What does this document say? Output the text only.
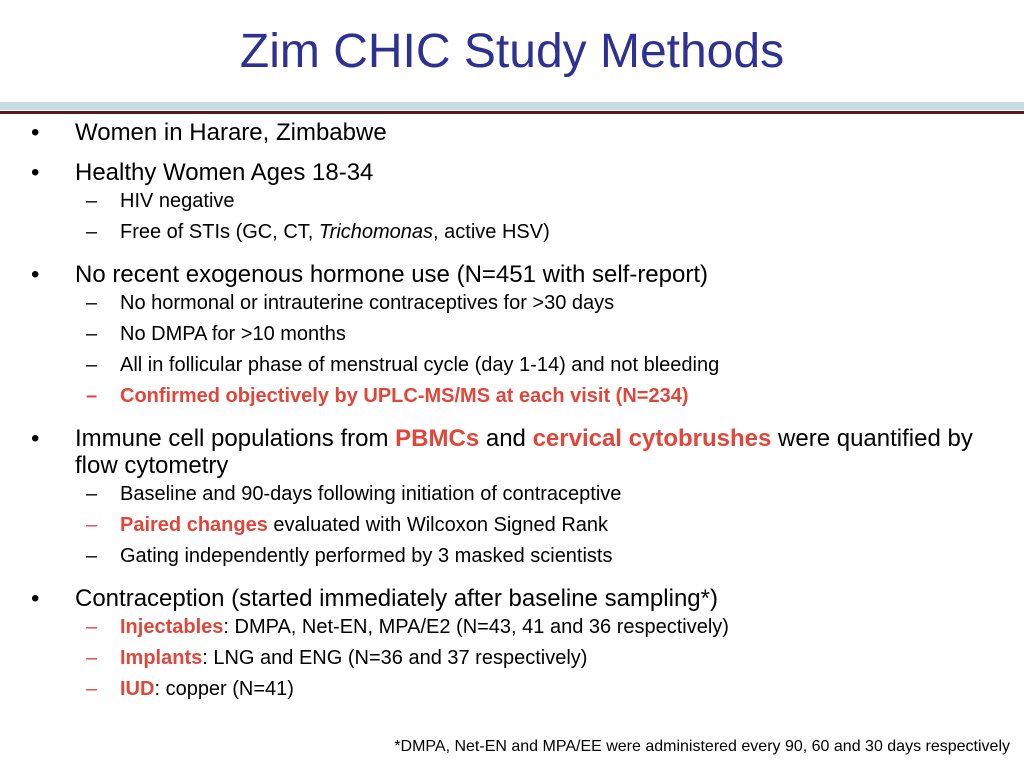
Zim CHIC Study Methods
• Women in Harare, Zimbabwe
• Healthy Women Ages 18-34
– HIV negative
– Free of STIs (GC, CT, Trichomonas, active HSV)
• No recent exogenous hormone use (N=451 with self-report)
– No hormonal or intrauterine contraceptives for >30 days
– No DMPA for >10 months
– All in follicular phase of menstrual cycle (day 1-14) and not bleeding
– Confirmed objectively by UPLC-MS/MS at each visit (N=234)
• Immune cell populations from PBMCs and cervical cytobrushes were quantified by flow cytometry
– Baseline and 90-days following initiation of contraceptive
– Paired changes evaluated with Wilcoxon Signed Rank
– Gating independently performed by 3 masked scientists
• Contraception (started immediately after baseline sampling*)
– Injectables: DMPA, Net-EN, MPA/E2 (N=43, 41 and 36 respectively)
– Implants: LNG and ENG (N=36 and 37 respectively)
– IUD: copper (N=41)
*DMPA, Net-EN and MPA/EE were administered every 90, 60 and 30 days respectively
